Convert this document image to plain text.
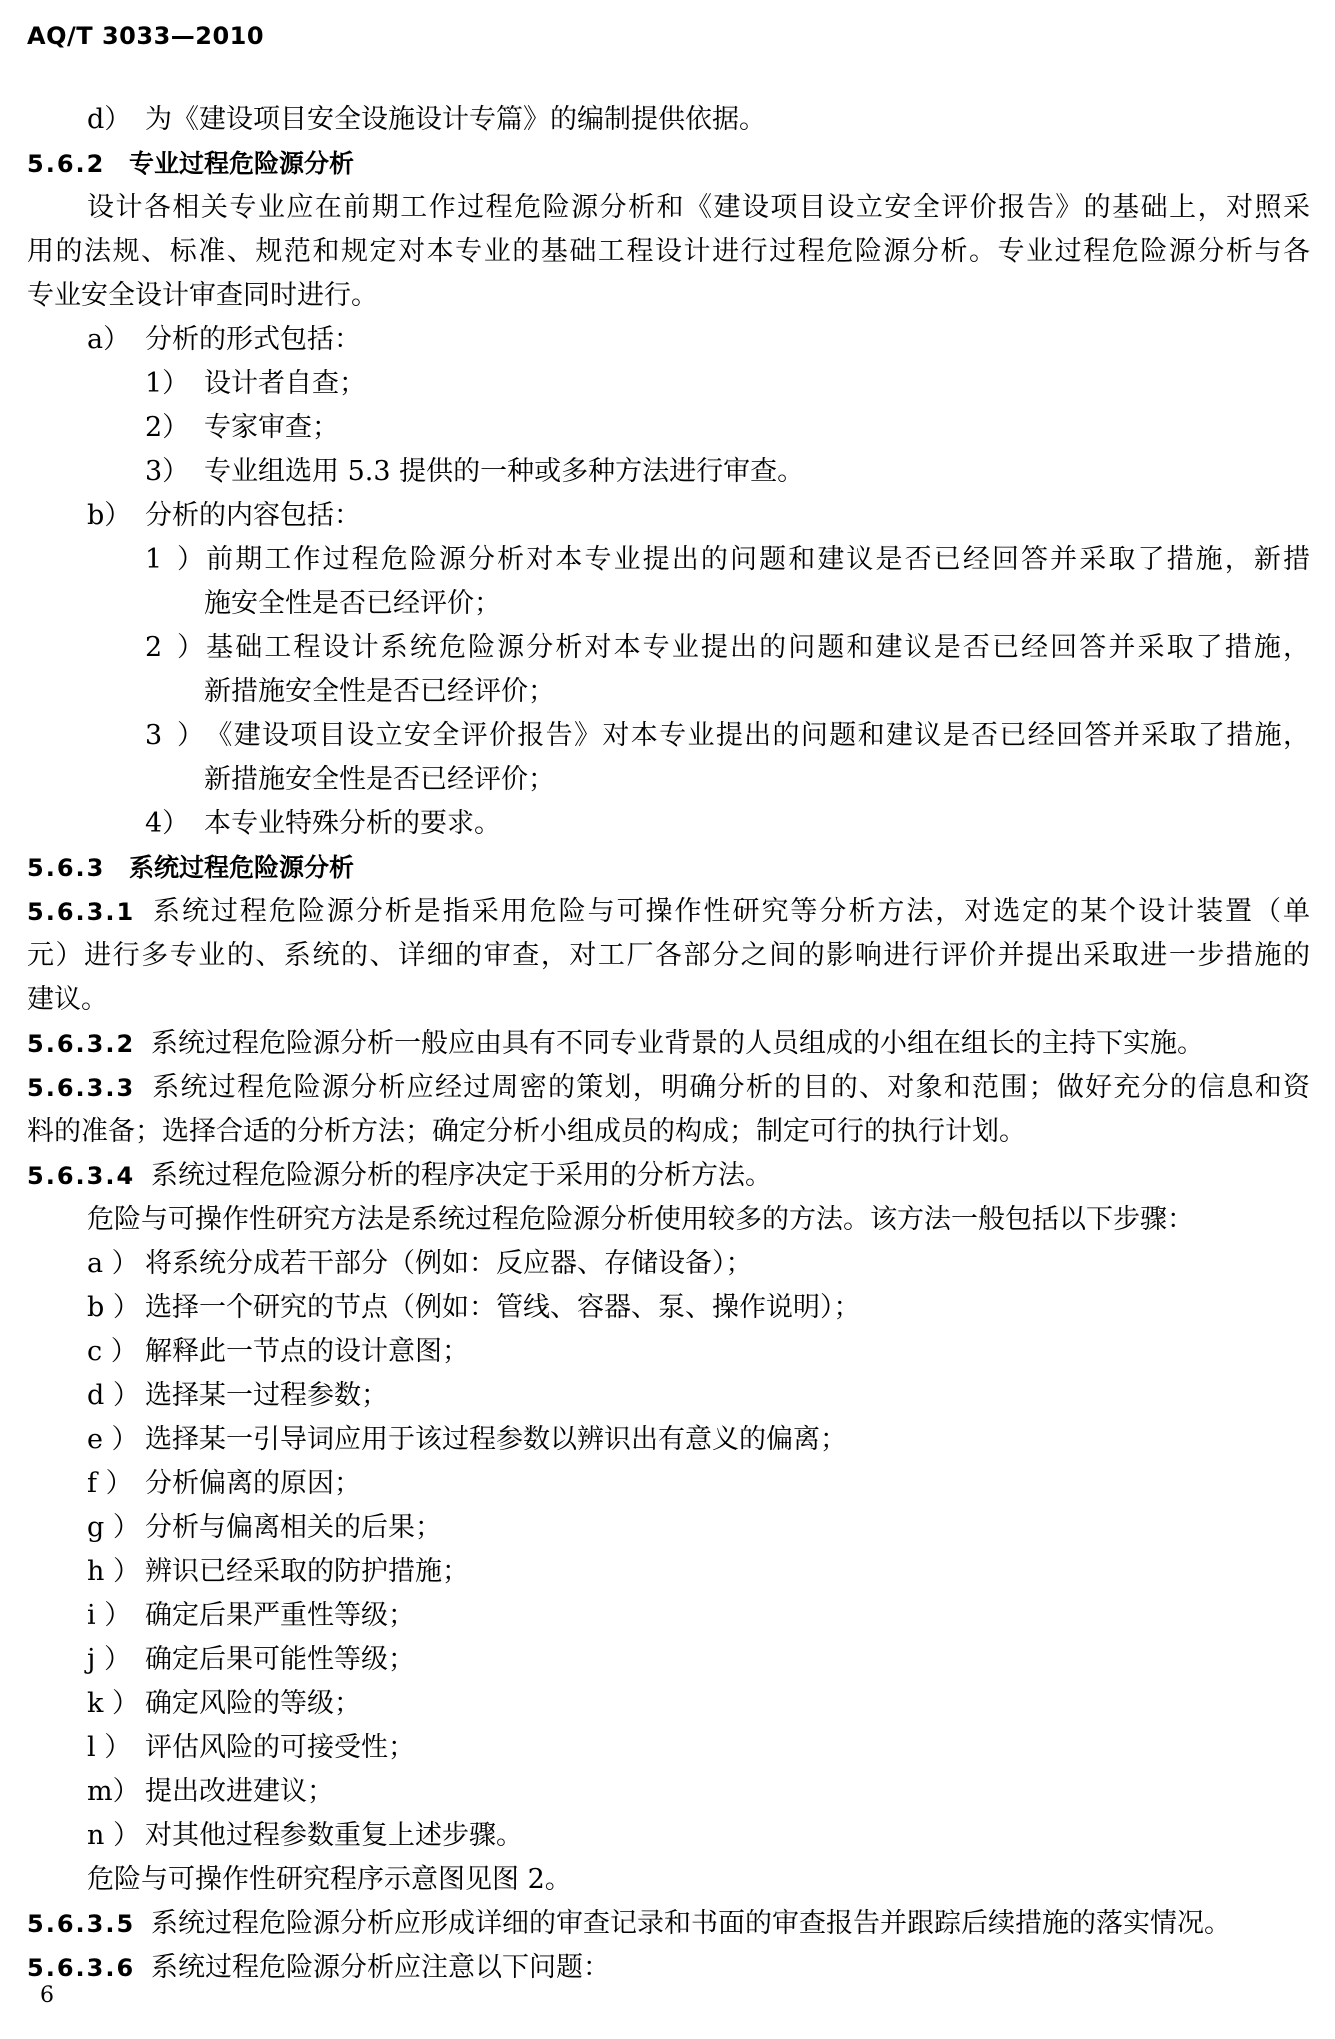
AQ/T 3033—2010
d） 为《建设项目安全设施设计专篇》的编制提供依据。
5.6.2 专业过程危险源分析
设计各相关专业应在前期工作过程危险源分析和《建设项目设立安全评价报告》的基础上，对照采
用的法规、标准、规范和规定对本专业的基础工程设计进行过程危险源分析。专业过程危险源分析与各
专业安全设计审查同时进行。
a） 分析的形式包括：
1） 设计者自查；
2） 专家审查；
3） 专业组选用 5.3 提供的一种或多种方法进行审查。
b） 分析的内容包括：
1）前期工作过程危险源分析对本专业提出的问题和建议是否已经回答并采取了措施，新措
施安全性是否已经评价；
2）基础工程设计系统危险源分析对本专业提出的问题和建议是否已经回答并采取了措施，
新措施安全性是否已经评价；
3）《建设项目设立安全评价报告》对本专业提出的问题和建议是否已经回答并采取了措施，
新措施安全性是否已经评价；
4） 本专业特殊分析的要求。
5.6.3 系统过程危险源分析
5.6.3.1 系统过程危险源分析是指采用危险与可操作性研究等分析方法，对选定的某个设计装置（单
元）进行多专业的、系统的、详细的审查，对工厂各部分之间的影响进行评价并提出采取进一步措施的
建议。
5.6.3.2 系统过程危险源分析一般应由具有不同专业背景的人员组成的小组在组长的主持下实施。
5.6.3.3 系统过程危险源分析应经过周密的策划，明确分析的目的、对象和范围；做好充分的信息和资
料的准备；选择合适的分析方法；确定分析小组成员的构成；制定可行的执行计划。
5.6.3.4 系统过程危险源分析的程序决定于采用的分析方法。
危险与可操作性研究方法是系统过程危险源分析使用较多的方法。该方法一般包括以下步骤：
a ） 将系统分成若干部分（例如：反应器、存储设备）；
b ） 选择一个研究的节点（例如：管线、容器、泵、操作说明）；
c ） 解释此一节点的设计意图；
d ） 选择某一过程参数；
e ） 选择某一引导词应用于该过程参数以辨识出有意义的偏离；
f ） 分析偏离的原因；
g ） 分析与偏离相关的后果；
h ） 辨识已经采取的防护措施；
i ） 确定后果严重性等级；
j ） 确定后果可能性等级；
k ） 确定风险的等级；
l ） 评估风险的可接受性；
m） 提出改进建议；
n ） 对其他过程参数重复上述步骤。
危险与可操作性研究程序示意图见图 2。
5.6.3.5 系统过程危险源分析应形成详细的审查记录和书面的审查报告并跟踪后续措施的落实情况。
5.6.3.6 系统过程危险源分析应注意以下问题：
6
